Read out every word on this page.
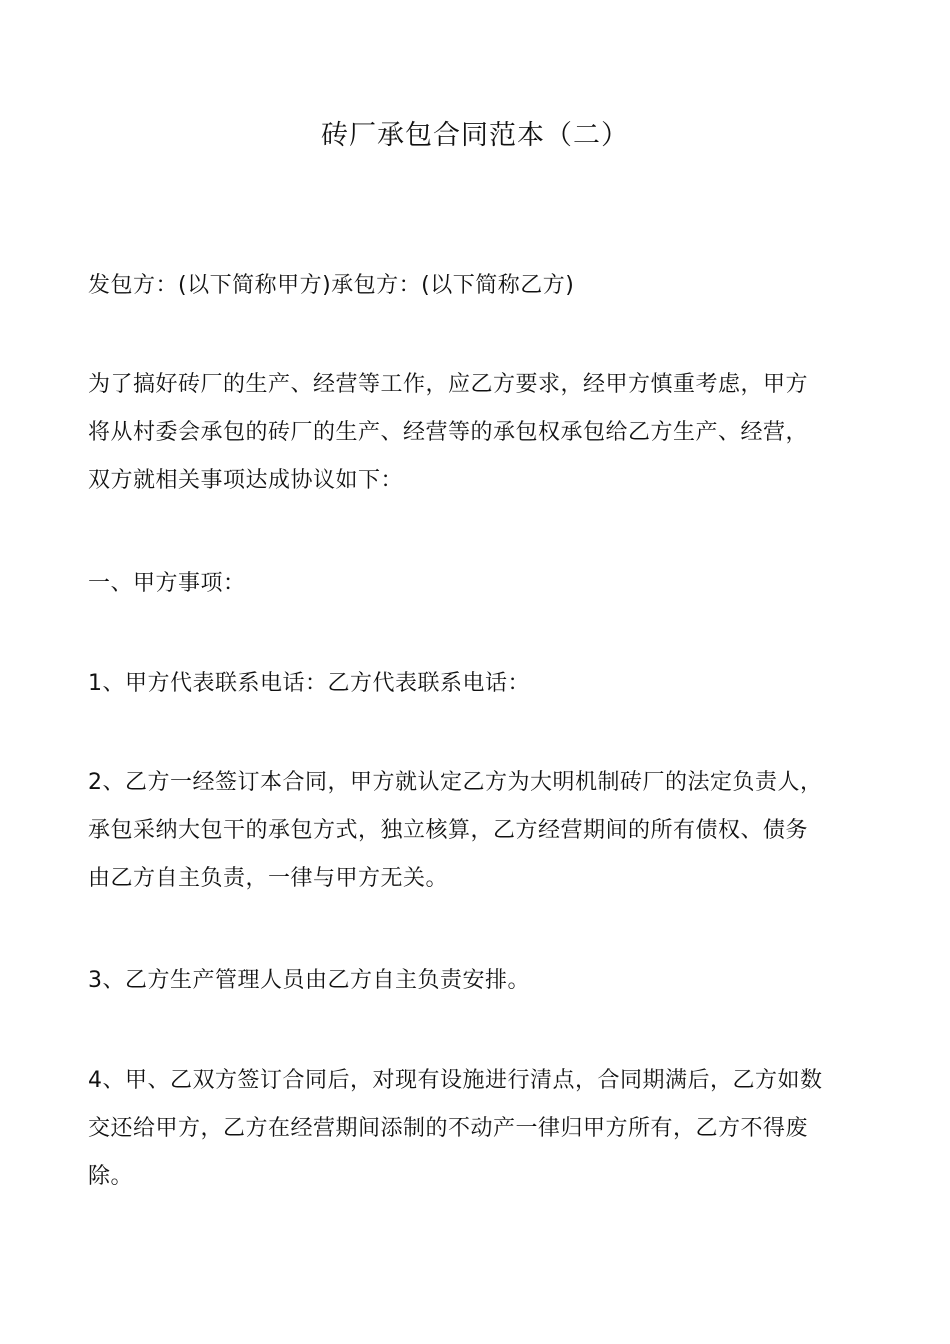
砖厂承包合同范本（二）

发包方：(以下简称甲方)承包方：(以下简称乙方)

为了搞好砖厂的生产、经营等工作，应乙方要求，经甲方慎重考虑，甲方
将从村委会承包的砖厂的生产、经营等的承包权承包给乙方生产、经营，
双方就相关事项达成协议如下：

一、甲方事项：

1、甲方代表联系电话：乙方代表联系电话：

2、乙方一经签订本合同，甲方就认定乙方为大明机制砖厂的法定负责人，
承包采纳大包干的承包方式，独立核算，乙方经营期间的所有债权、债务
由乙方自主负责，一律与甲方无关。

3、乙方生产管理人员由乙方自主负责安排。

4、甲、乙双方签订合同后，对现有设施进行清点，合同期满后，乙方如数
交还给甲方，乙方在经营期间添制的不动产一律归甲方所有，乙方不得废
除。
